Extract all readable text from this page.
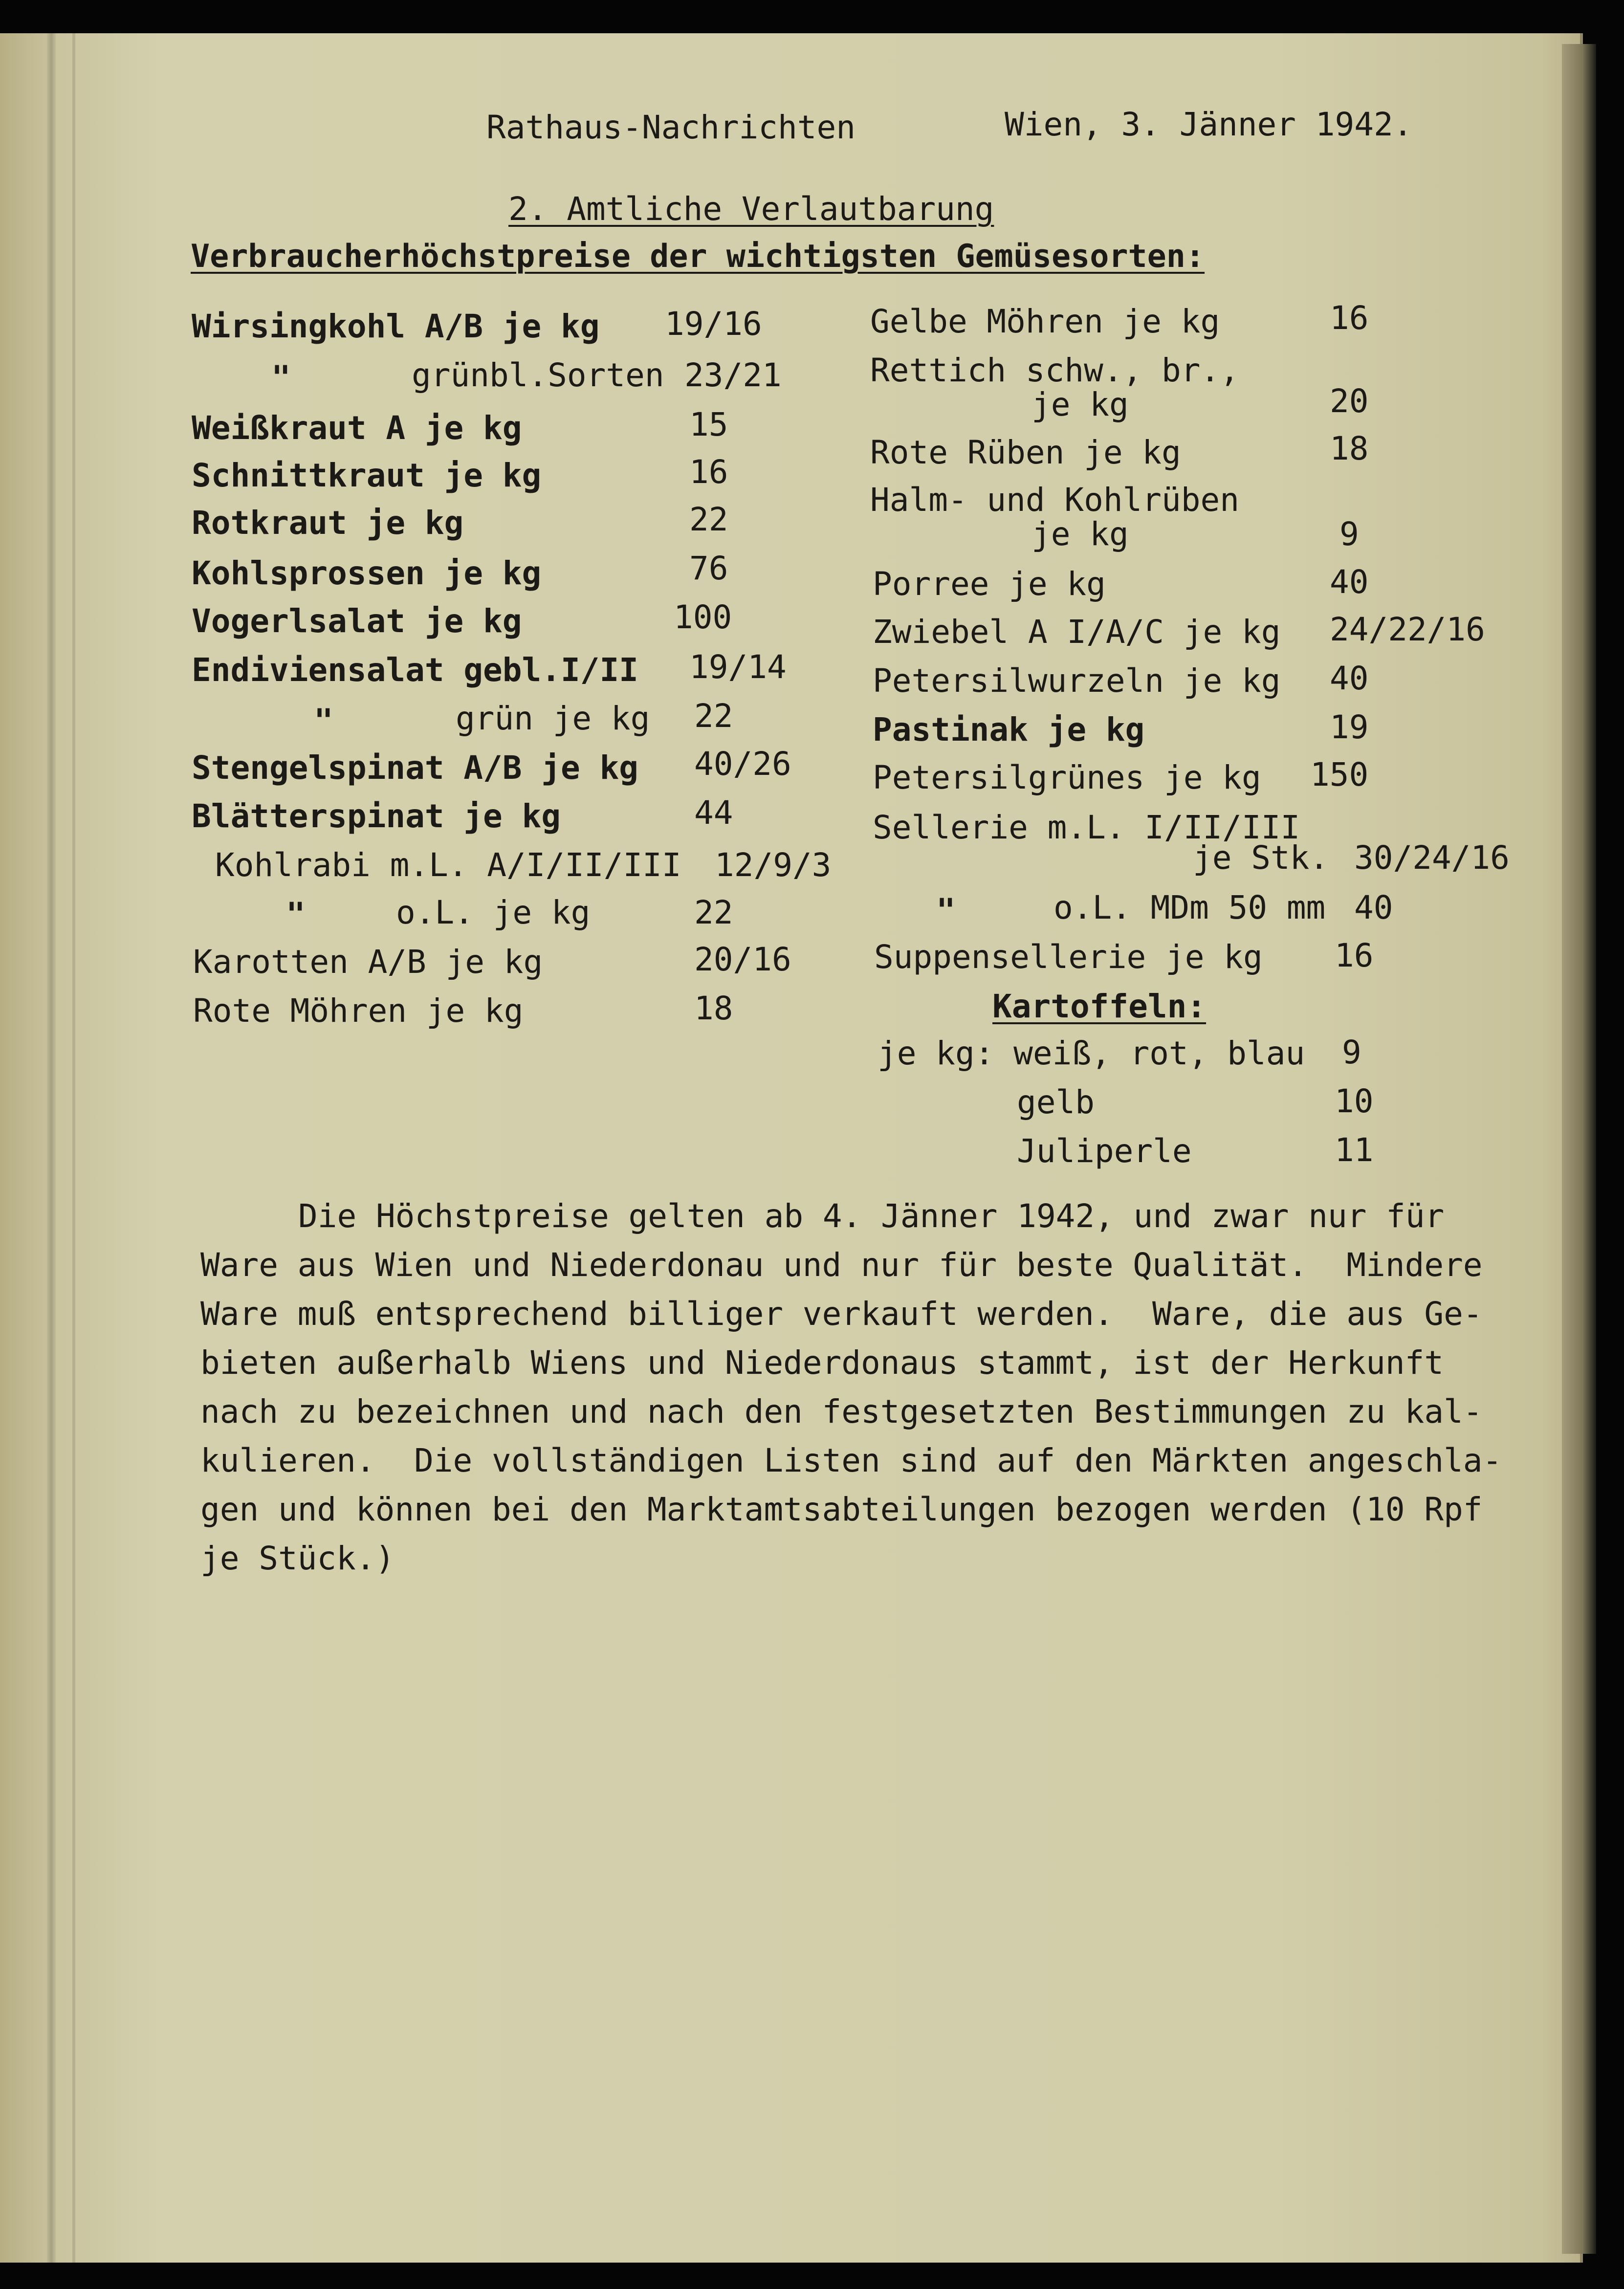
Rathaus-Nachrichten	Wien, 3. Jänner 1942.
2. Amtliche Verlautbarung
Verbraucherhöchstpreise der wichtigsten Gemüsesorten:
Wirsingkohl A/B je kg 19/16
"	grünbl.Sorten 23/21
Weißkraut A je kg	15
Schnittkraut je kg	16
Rotkraut je kg	22
Kohlsprossen je kg	76
Vogerlsalat je kg	100
Endiviensalat gebl.I/II 19/14
"	grün je kg 22
Stengelspinat A/B je kg 40/26
Blätterspinat je kg	44
Kohlrabi m.L. A/I/II/III 12/9/3
"	o.L. je kg	22
Karotten A/B je kg	20/16
Rote Möhren je kg	18
Gelbe Möhren je kg	16
Rettich schw., br.,
je kg	20
Rote Rüben je kg	18
Halm- und Kohlrüben
je kg	9
Porree je kg	40
Zwiebel A I/A/C je kg 24/22/16
Petersilwurzeln je kg 40
Pastinak je kg	19
Petersilgrünes je kg 150
Sellerie m.L. I/II/III
je Stk. 30/24/16
"	o.L. MDm 50 mm 40
Suppensellerie je kg 16
Kartoffeln:
je kg: weiß, rot, blau 9
gelb	10
Juliperle	11
Die Höchstpreise gelten ab 4. Jänner 1942, und zwar nur für
Ware aus Wien und Niederdonau und nur für beste Qualität.  Mindere
Ware muß entsprechend billiger verkauft werden.  Ware, die aus Ge-
bieten außerhalb Wiens und Niederdonaus stammt, ist der Herkunft
nach zu bezeichnen und nach den festgesetzten Bestimmungen zu kal-
kulieren.  Die vollständigen Listen sind auf den Märkten angeschla-
gen und können bei den Marktamtsabteilungen bezogen werden (10 Rpf
je Stück.)
